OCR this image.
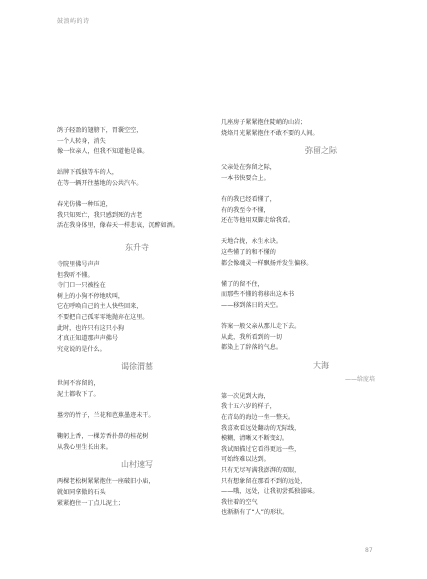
鼓浪屿的诗
鸽子轻盈的翅膀下，胃囊空空，
一个人转身，消失
像一位亲人，但我不知道他是谁。
站牌下孤独等车的人，
在等一辆开往墓地的公共汽车。
春光仿佛一种压迫，
我只知死亡，我只感到死的古老
活在我身体里，像春天一样悲哀，沉醉如酒。
东升寺
寺院里佛号声声
但我听不懂。
寺门口一只被拴在
树上的小狗不停地吠叫，
它在呼唤自己的主人快些回来，
不要把自己孤零零地抛弃在这里。
此时，也许只有这只小狗
才真正知道那声声佛号
究竟说的是什么。
谒徐渭墓
世间不容留的，
泥土都收下了。
墓旁的竹子，兰花和芭蕉墨迹未干。
鞠躬上香，一棵芳香扑鼻的桂花树
从我心里生长出来。
山村速写
两棵老松树紧紧抱住一座破旧小庙，
就如同拿傲的石头
紧紧抱住一丁点儿泥土；
几座房子紧紧抱住陡峭的山岩；
烧烙月光紧紧抱住不敢不要的人间。
弥留之际
父亲处在弥留之际，
一本书快要合上。
有的我已经看懂了，
有的我至今不懂，
还在等他用双脚走给我看。
天地合拢，永生永诀。
这些懂了的和不懂的
都会像魂灵一样飘扬并发生偏移。
懂了的留不住，
而那些不懂的将移出这本书
——移到落日的天空。
答案一般父亲从那儿走下去。
从此，我所看到的一切
都染上了辞落的气息。
大海
——给庞培
第一次见到大海，
我十五六岁的样子，
在青岛的海边一坐一整天。
我喜欢看远处翻动的无际线，
模糊，清晰又不断变幻。
我试图描过它看得更远一些，
可始终难以达到。
只有无尽写满我澎湃的双眼，
只有想象留在那看不到的远处，
——哦，远处，让我初尝孤独滋味。
我往着的空气
也渐渐有了“人”的形状。
87
